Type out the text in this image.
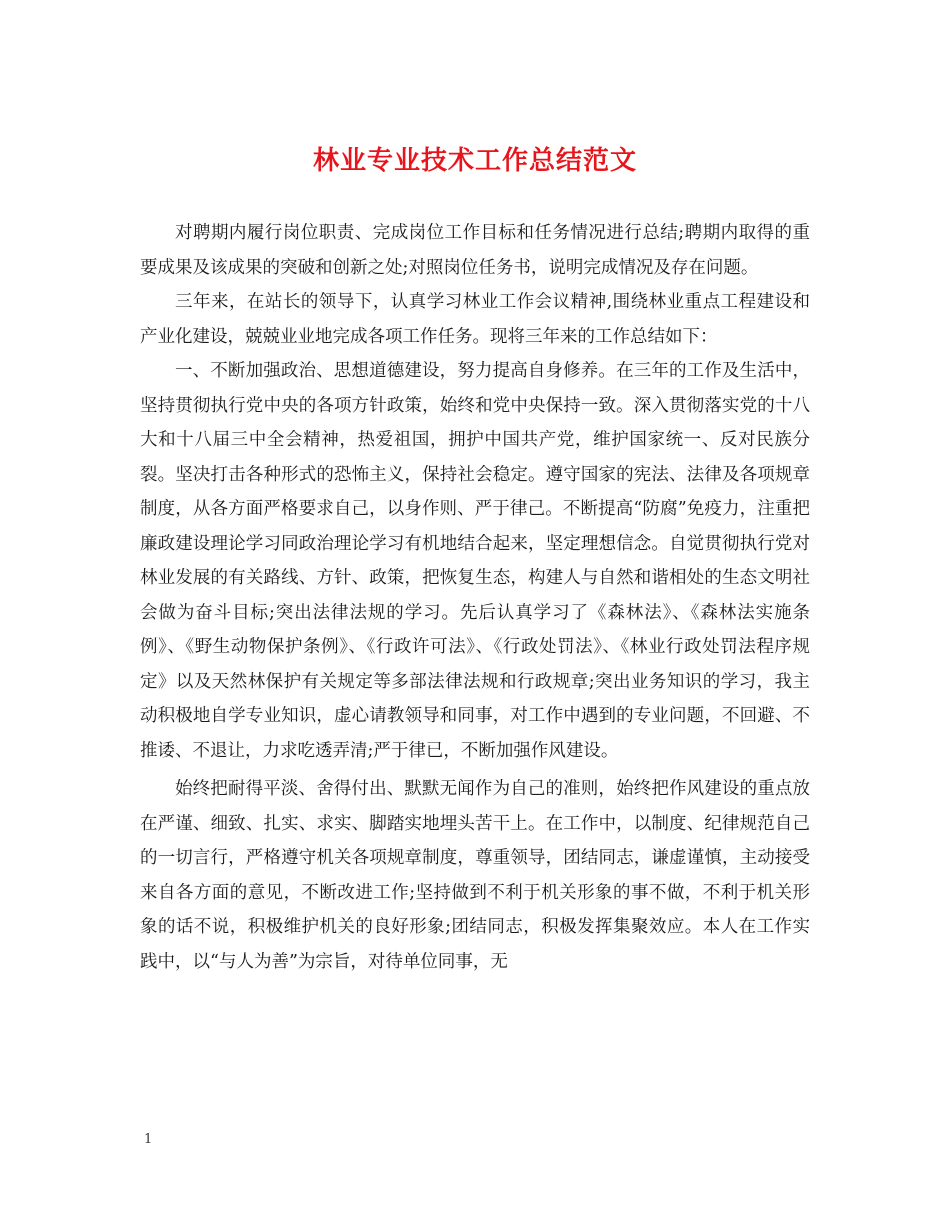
林业专业技术工作总结范文

对聘期内履行岗位职责、完成岗位工作目标和任务情况进行总结;聘期内取得的重要成果及该成果的突破和创新之处;对照岗位任务书，说明完成情况及存在问题。

三年来，在站长的领导下，认真学习林业工作会议精神,围绕林业重点工程建设和产业化建设，兢兢业业地完成各项工作任务。现将三年来的工作总结如下：

一、不断加强政治、思想道德建设，努力提高自身修养。在三年的工作及生活中，坚持贯彻执行党中央的各项方针政策，始终和党中央保持一致。深入贯彻落实党的十八大和十八届三中全会精神，热爱祖国，拥护中国共产党，维护国家统一、反对民族分裂。坚决打击各种形式的恐怖主义，保持社会稳定。遵守国家的宪法、法律及各项规章制度，从各方面严格要求自己，以身作则、严于律己。不断提高“防腐”免疫力，注重把廉政建设理论学习同政治理论学习有机地结合起来，坚定理想信念。自觉贯彻执行党对林业发展的有关路线、方针、政策，把恢复生态，构建人与自然和谐相处的生态文明社会做为奋斗目标;突出法律法规的学习。先后认真学习了《森林法》、《森林法实施条例》、《野生动物保护条例》、《行政许可法》、《行政处罚法》、《林业行政处罚法程序规定》以及天然林保护有关规定等多部法律法规和行政规章;突出业务知识的学习，我主动积极地自学专业知识，虚心请教领导和同事，对工作中遇到的专业问题，不回避、不推诿、不退让，力求吃透弄清;严于律已，不断加强作风建设。

始终把耐得平淡、舍得付出、默默无闻作为自己的准则，始终把作风建设的重点放在严谨、细致、扎实、求实、脚踏实地埋头苦干上。在工作中，以制度、纪律规范自己的一切言行，严格遵守机关各项规章制度，尊重领导，团结同志，谦虚谨慎，主动接受来自各方面的意见，不断改进工作;坚持做到不利于机关形象的事不做，不利于机关形象的话不说，积极维护机关的良好形象;团结同志，积极发挥集聚效应。本人在工作实践中，以“与人为善”为宗旨，对待单位同事，无

1
